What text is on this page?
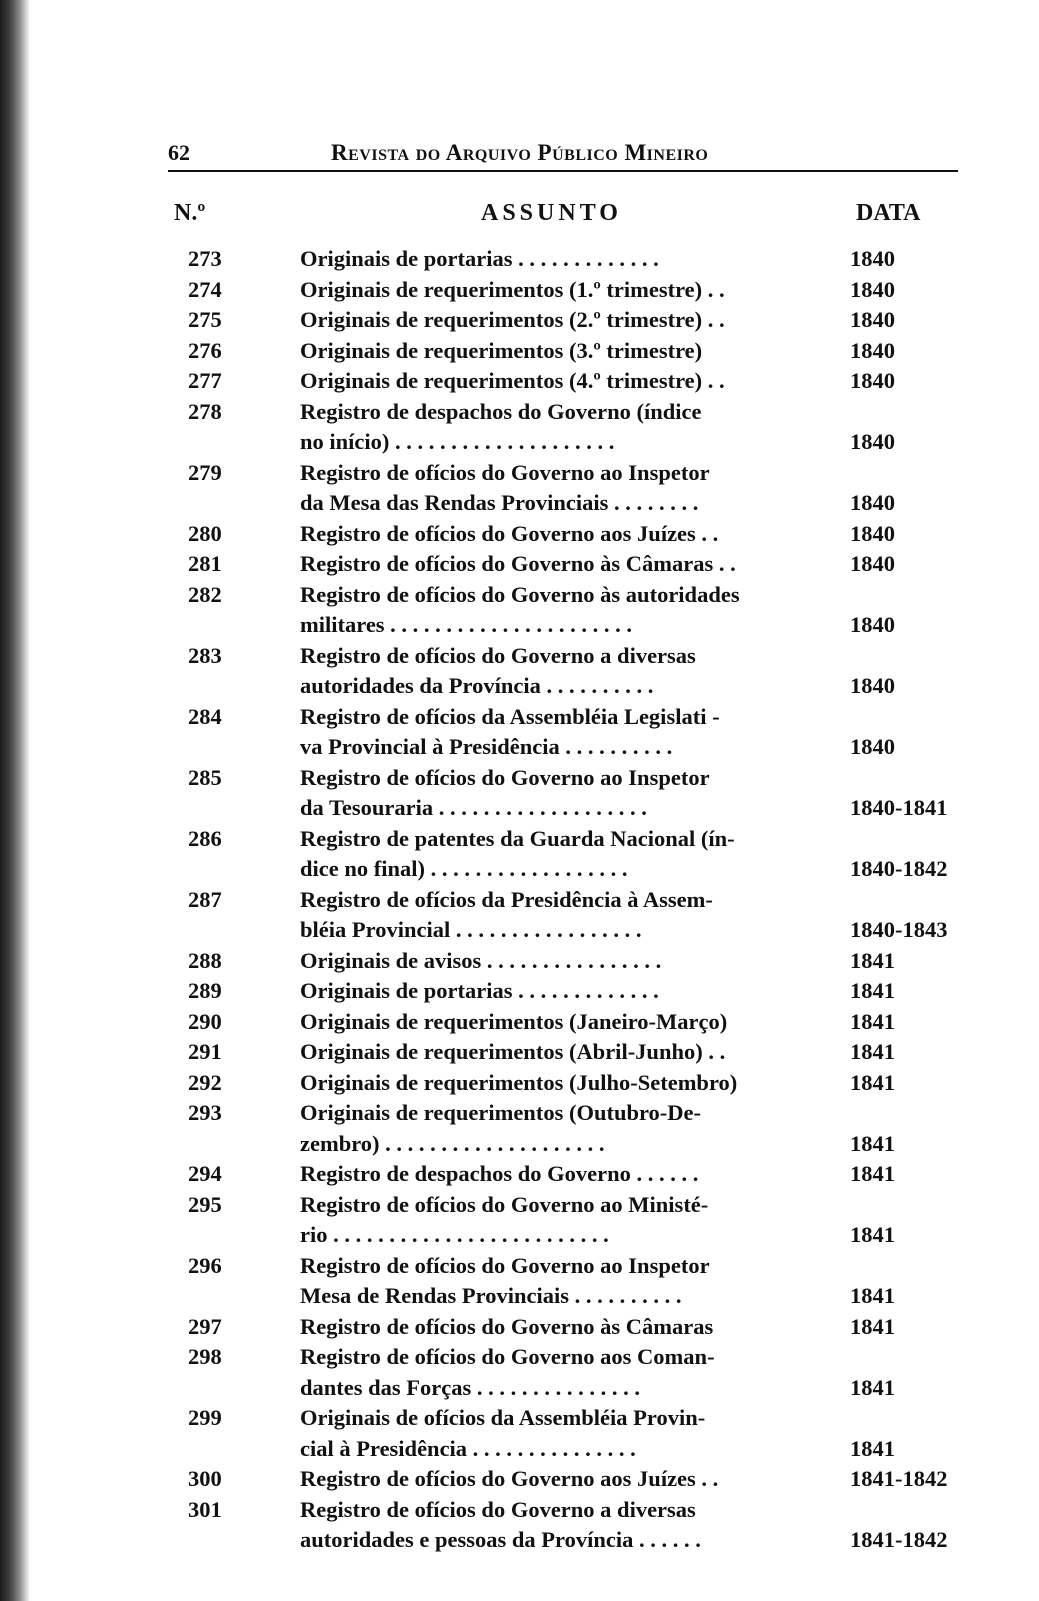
62	Revista do Arquivo Público Mineiro
N.º	ASSUNTO	DATA
273	Originais de portarias . . . . . . . . . . . . .	1840
274	Originais de requerimentos (1.º trimestre) . .	1840
275	Originais de requerimentos (2.º trimestre) . .	1840
276	Originais de requerimentos (3.º trimestre)	1840
277	Originais de requerimentos (4.º trimestre) . .	1840
278	Registro de despachos do Governo (índice
no início) . . . . . . . . . . . . . . . . . . . .	1840
279	Registro de ofícios do Governo ao Inspetor
da Mesa das Rendas Provinciais . . . . . . . .	1840
280	Registro de ofícios do Governo aos Juízes . .	1840
281	Registro de ofícios do Governo às Câmaras . .	1840
282	Registro de ofícios do Governo às autoridades
militares . . . . . . . . . . . . . . . . . . . . . .	1840
283	Registro de ofícios do Governo a diversas
autoridades da Província . . . . . . . . . .	1840
284	Registro de ofícios da Assembléia Legislati -
va Provincial à Presidência . . . . . . . . . .	1840
285	Registro de ofícios do Governo ao Inspetor
da Tesouraria . . . . . . . . . . . . . . . . . . .	1840-1841
286	Registro de patentes da Guarda Nacional (ín-
dice no final) . . . . . . . . . . . . . . . . . .	1840-1842
287	Registro de ofícios da Presidência à Assem-
bléia Provincial . . . . . . . . . . . . . . . . .	1840-1843
288	Originais de avisos . . . . . . . . . . . . . . . .	1841
289	Originais de portarias . . . . . . . . . . . . .	1841
290	Originais de requerimentos (Janeiro-Março)	1841
291	Originais de requerimentos (Abril-Junho) . .	1841
292	Originais de requerimentos (Julho-Setembro)	1841
293	Originais de requerimentos (Outubro-De-
zembro) . . . . . . . . . . . . . . . . . . . .	1841
294	Registro de despachos do Governo . . . . . .	1841
295	Registro de ofícios do Governo ao Ministé-
rio . . . . . . . . . . . . . . . . . . . . . . . . .	1841
296	Registro de ofícios do Governo ao Inspetor
Mesa de Rendas Provinciais . . . . . . . . . .	1841
297	Registro de ofícios do Governo às Câmaras	1841
298	Registro de ofícios do Governo aos Coman-
dantes das Forças . . . . . . . . . . . . . . .	1841
299	Originais de ofícios da Assembléia Provin-
cial à Presidência . . . . . . . . . . . . . . .	1841
300	Registro de ofícios do Governo aos Juízes . .	1841-1842
301	Registro de ofícios do Governo a diversas
autoridades e pessoas da Província . . . . . .	1841-1842
